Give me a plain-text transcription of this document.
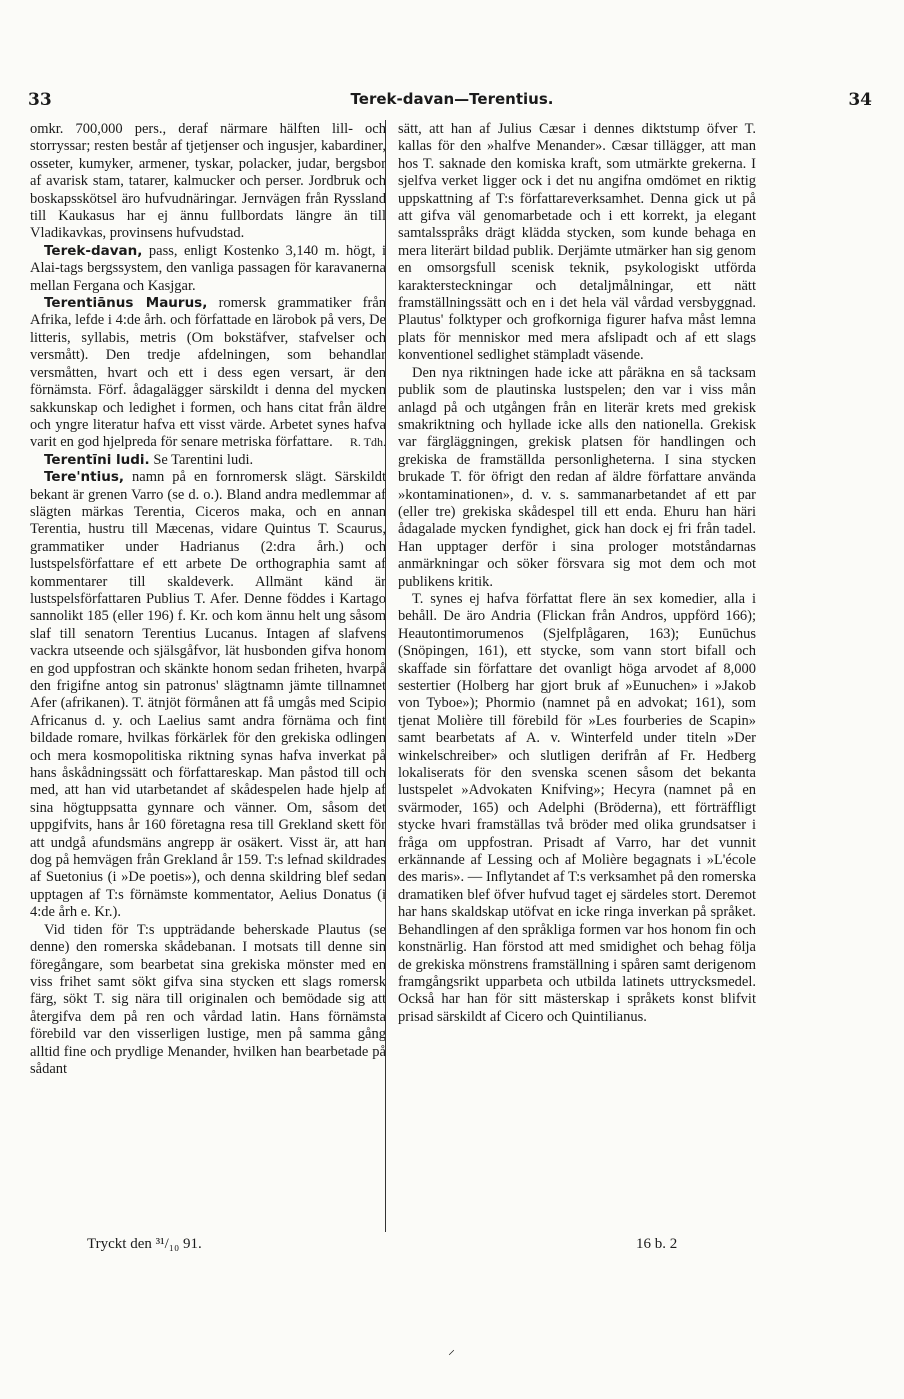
33	Terek-davan—Terentius.	34

omkr. 700,000 pers., deraf närmare hälften lill- och storryssar; resten består af tjetjenser och ingusjer, kabardiner, osseter, kumyker, armener, tyskar, polacker, judar, bergsbor af avarisk stam, tatarer, kalmucker och perser. Jordbruk och boskapsskötsel äro hufvudnäringar. Jernvägen från Ryssland till Kaukasus har ej ännu fullbordats längre än till Vladikavkas, provinsens hufvudstad.

Terek-davan, pass, enligt Kostenko 3,140 m. högt, i Alai-tags bergssystem, den vanliga passagen för karavanerna mellan Fergana och Kasjgar.

Terentiānus Maurus, romersk grammatiker från Afrika, lefde i 4:de årh. och författade en lärobok på vers, De litteris, syllabis, metris (Om bokstäfver, stafvelser och versmått). Den tredje afdelningen, som behandlar versmåtten, hvart och ett i dess egen versart, är den förnämsta. Förf. ådagalägger särskildt i denna del mycken sakkunskap och ledighet i formen, och hans citat från äldre och yngre literatur hafva ett visst värde. Arbetet synes hafva varit en god hjelpreda för senare metriska författare.	R. Tdh.

Terentīni ludi. Se Tarentini ludi.

Tere'ntius, namn på en fornromersk slägt. Särskildt bekant är grenen Varro (se d. o.). Bland andra medlemmar af slägten märkas Terentia, Ciceros maka, och en annan Terentia, hustru till Mæcenas, vidare Quintus T. Scaurus, grammatiker under Hadrianus (2:dra årh.) och lustspelsförfattare ef ett arbete De orthographia samt af kommentarer till skaldeverk. Allmänt känd är lustspelsförfattaren Publius T. Afer. Denne föddes i Kartago sannolikt 185 (eller 196) f. Kr. och kom ännu helt ung såsom slaf till senatorn Terentius Lucanus. Intagen af slafvens vackra utseende och själsgåfvor, lät husbonden gifva honom en god uppfostran och skänkte honom sedan friheten, hvarpå den frigifne antog sin patronus' slägtnamn jämte tillnamnet Afer (afrikanen). T. ätnjöt förmånen att få umgås med Scipio Africanus d. y. och Laelius samt andra förnäma och fint bildade romare, hvilkas förkärlek för den grekiska odlingen och mera kosmopolitiska riktning synas hafva inverkat på hans åskådningssätt och författareskap. Man påstod till och med, att han vid utarbetandet af skådespelen hade hjelp af sina högtuppsatta gynnare och vänner. Om, såsom det uppgifvits, hans år 160 företagna resa till Grekland skett för att undgå afundsmäns angrepp är osäkert. Visst är, att han dog på hemvägen från Grekland år 159. T:s lefnad skildrades af Suetonius (i »De poetis»), och denna skildring blef sedan upptagen af T:s förnämste kommentator, Aelius Donatus (i 4:de årh e. Kr.).

Vid tiden för T:s uppträdande beherskade Plautus (se denne) den romerska skådebanan. I motsats till denne sin föregångare, som bearbetat sina grekiska mönster med en viss frihet samt sökt gifva sina stycken ett slags romersk färg, sökt T. sig nära till originalen och bemödade sig att återgifva dem på ren och vårdad latin. Hans förnämsta förebild var den visserligen lustige, men på samma gång alltid fine och prydlige Menander, hvilken han bearbetade på sådant

sätt, att han af Julius Cæsar i dennes diktstump öfver T. kallas för den »halfve Menander». Cæsar tillägger, att man hos T. saknade den komiska kraft, som utmärkte grekerna. I sjelfva verket ligger ock i det nu angifna omdömet en riktig uppskattning af T:s författareverksamhet. Denna gick ut på att gifva väl genomarbetade och i ett korrekt, ja elegant samtalsspråks drägt klädda stycken, som kunde behaga en mera literärt bildad publik. Derjämte utmärker han sig genom en omsorgsfull scenisk teknik, psykologiskt utförda karaktersteckningar och detaljmålningar, ett nätt framställningssätt och en i det hela väl vårdad versbyggnad. Plautus' folktyper och grofkorniga figurer hafva måst lemna plats för menniskor med mera afslipadt och af ett slags konventionel sedlighet stämpladt väsende.

Den nya riktningen hade icke att påräkna en så tacksam publik som de plautinska lustspelen; den var i viss mån anlagd på och utgången från en literär krets med grekisk smakriktning och hyllade icke alls den nationella. Grekisk var färgläggningen, grekisk platsen för handlingen och grekiska de framställda personligheterna. I sina stycken brukade T. för öfrigt den redan af äldre författare använda »kontaminationen», d. v. s. sammanarbetandet af ett par (eller tre) grekiska skådespel till ett enda. Ehuru han häri ådagalade mycken fyndighet, gick han dock ej fri från tadel. Han upptager derför i sina prologer motståndarnas anmärkningar och söker försvara sig mot dem och mot publikens kritik.

T. synes ej hafva författat flere än sex komedier, alla i behåll. De äro Andria (Flickan från Andros, uppförd 166); Heautontimorumenos (Sjelfplågaren, 163); Eunūchus (Snöpingen, 161), ett stycke, som vann stort bifall och skaffade sin författare det ovanligt höga arvodet af 8,000 sestertier (Holberg har gjort bruk af »Eunuchen» i »Jakob von Tyboe»); Phormio (namnet på en advokat; 161), som tjenat Molière till förebild för »Les fourberies de Scapin» samt bearbetats af A. v. Winterfeld under titeln »Der winkelschreiber» och slutligen derifrån af Fr. Hedberg lokaliserats för den svenska scenen såsom det bekanta lustspelet »Advokaten Knifving»; Hecyra (namnet på en svärmoder, 165) och Adelphi (Bröderna), ett förträffligt stycke hvari framställas två bröder med olika grundsatser i fråga om uppfostran. Prisadt af Varro, har det vunnit erkännande af Lessing och af Molière begagnats i »L'école des maris». — Inflytandet af T:s verksamhet på den romerska dramatiken blef öfver hufvud taget ej särdeles stort. Deremot har hans skaldskap utöfvat en icke ringa inverkan på språket. Behandlingen af den språkliga formen var hos honom fin och konstnärlig. Han förstod att med smidighet och behag följa de grekiska mönstrens framställning i spåren samt derigenom framgångsrikt upparbeta och utbilda latinets uttrycksmedel. Också har han för sitt mästerskap i språkets konst blifvit prisad särskildt af Cicero och Quintilianus.

Tryckt den ³¹/₁₀ 91.	16 b. 2
⸝
